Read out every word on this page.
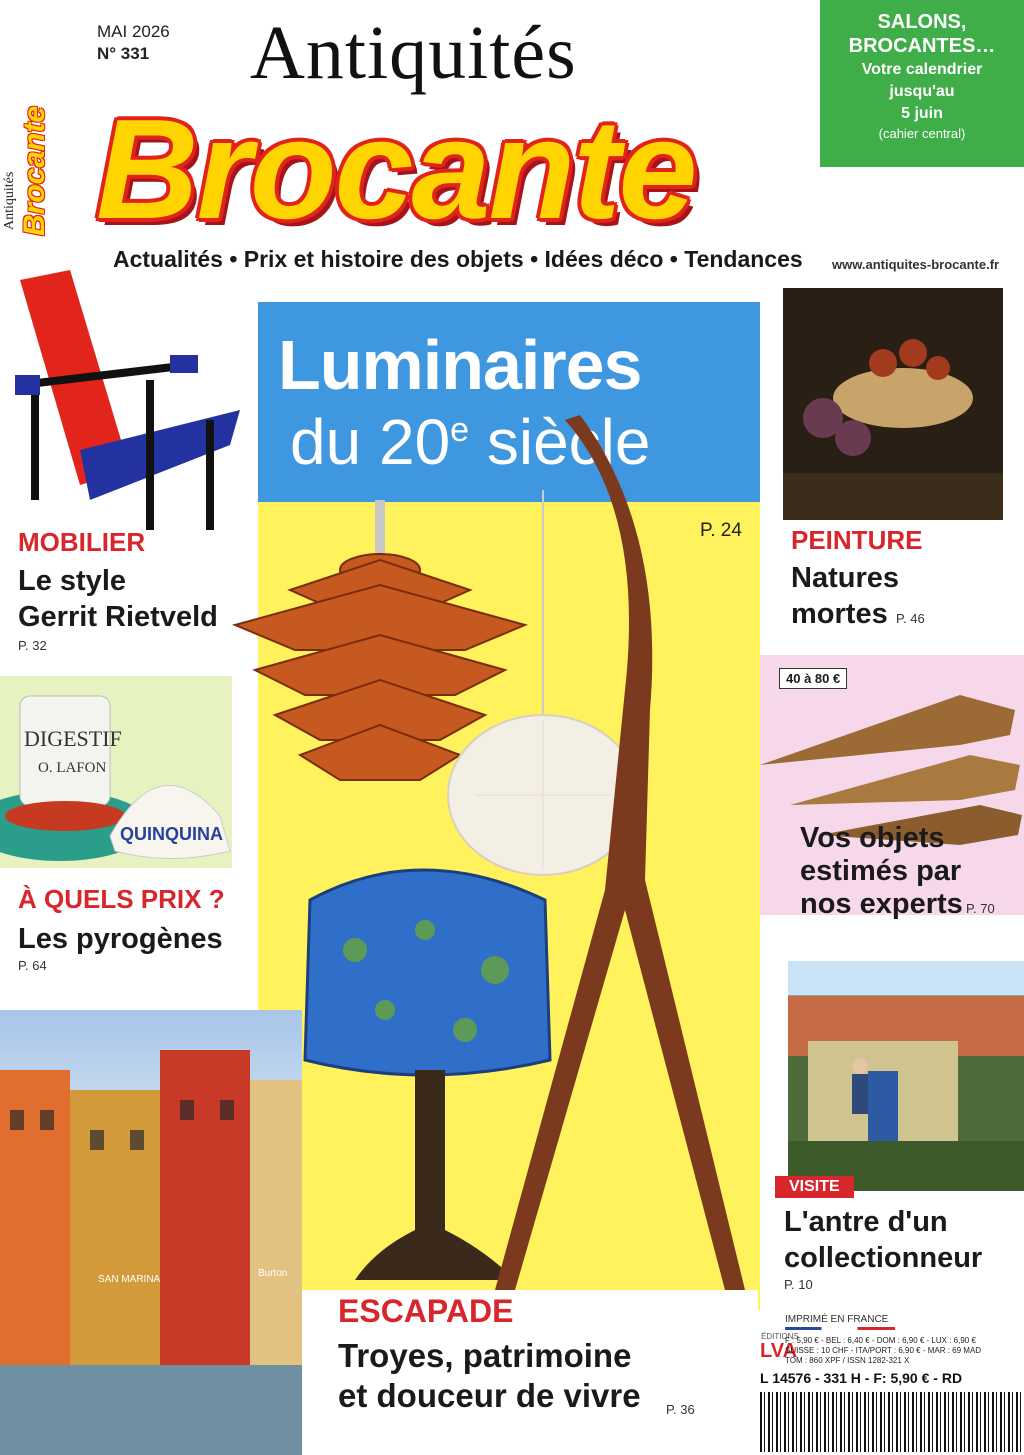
MAI 2026
N° 331 Antiquités
Brocante
Antiquités Brocante
Actualités • Prix et histoire des objets • Idées déco • Tendances www.antiquites-brocante.fr
SALONS,
BROCANTES…
Votre calendrier
jusqu'au
5 juin
(cahier central)
Luminaires
du 20e siècle
P. 24
MOBILIER
Le style
Gerrit Rietveld
P. 32
DIGESTIF
O. LAFON
QUINQUINA
À QUELS PRIX ?
Les pyrogènes
P. 64
SAN MARINA
Burton
PEINTURE
Natures
mortes P. 46
40 à 80 €
Vos objets
estimés par
nos experts P. 70
VISITE
L'antre d'un
collectionneur
P. 10
ESCAPADE
Troyes, patrimoine
et douceur de vivre P. 36
IMPRIMÉ EN FRANCE
ÉDITIONS
LVA
F : 5,90 € - BEL : 6,40 € - DOM : 6,90 € - LUX : 6,90 €
SUISSE : 10 CHF - ITA/PORT : 6,90 € - MAR : 69 MAD
TOM : 860 XPF / ISSN 1282-321 X
L 14576 - 331 H - F: 5,90 € - RD
